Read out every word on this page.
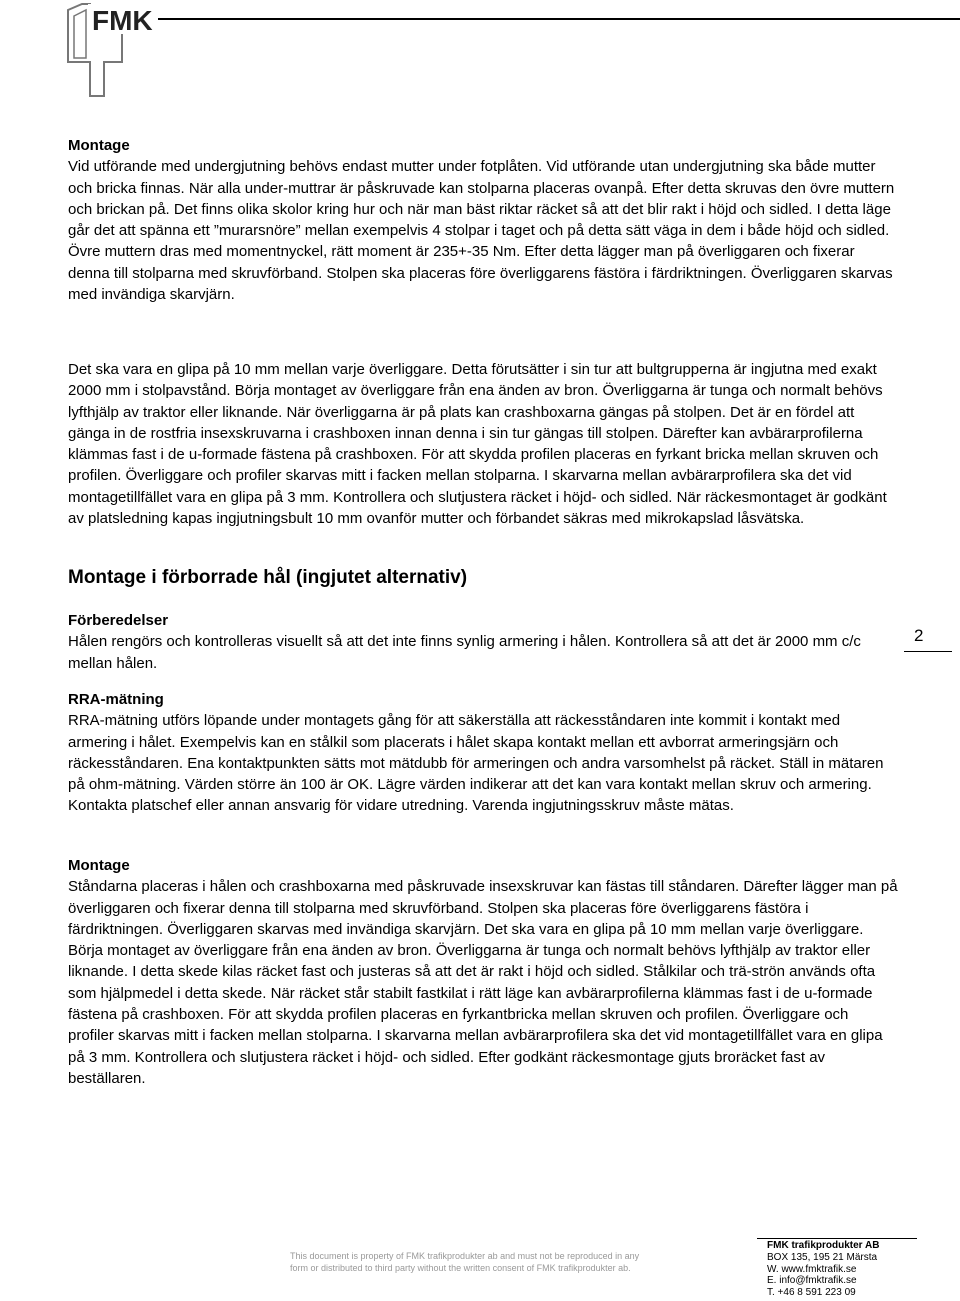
FMK
Montage
Vid utförande med undergjutning behövs endast mutter under fotplåten. Vid utförande utan undergjutning ska både mutter och bricka finnas. När alla under-muttrar är påskruvade kan stolparna placeras ovanpå. Efter detta skruvas den övre muttern och brickan på. Det finns olika skolor kring hur och när man bäst riktar räcket så att det blir rakt i höjd och sidled. I detta läge går det att spänna ett ”murarsnöre” mellan exempelvis 4 stolpar i taget och på detta sätt väga in dem i både höjd och sidled. Övre muttern dras med momentnyckel, rätt moment är 235+-35 Nm. Efter detta lägger man på överliggaren och fixerar denna till stolparna med skruvförband. Stolpen ska placeras före överliggarens fästöra i färdriktningen. Överliggaren skarvas med invändiga skarvjärn.
Det ska vara en glipa på 10 mm mellan varje överliggare. Detta förutsätter i sin tur att bultgrupperna är ingjutna med exakt 2000 mm i stolpavstånd. Börja montaget av överliggare från ena änden av bron. Överliggarna är tunga och normalt behövs lyfthjälp av traktor eller liknande. När överliggarna är på plats kan crashboxarna gängas på stolpen. Det är en fördel att gänga in de rostfria insexskruvarna i crashboxen innan denna i sin tur gängas till stolpen. Därefter kan avbärarprofilerna klämmas fast i de u-formade fästena på crashboxen. För att skydda profilen placeras en fyrkant bricka mellan skruven och profilen. Överliggare och profiler skarvas mitt i facken mellan stolparna. I skarvarna mellan avbärarprofilera ska det vid montagetillfället vara en glipa på 3 mm. Kontrollera och slutjustera räcket i höjd- och sidled. När räckesmontaget är godkänt av platsledning kapas ingjutningsbult 10 mm ovanför mutter och förbandet säkras med mikrokapslad låsvätska.
Montage i förborrade hål (ingjutet alternativ)
Förberedelser
Hålen rengörs och kontrolleras visuellt så att det inte finns synlig armering i hålen. Kontrollera så att det är 2000 mm c/c mellan hålen.
RRA-mätning
RRA-mätning utförs löpande under montagets gång för att säkerställa att räckesståndaren inte kommit i kontakt med armering i hålet. Exempelvis kan en stålkil som placerats i hålet skapa kontakt mellan ett avborrat armeringsjärn och räckesståndaren. Ena kontaktpunkten sätts mot mätdubb för armeringen och andra varsomhelst på räcket. Ställ in mätaren på ohm-mätning. Värden större än 100 är OK. Lägre värden indikerar att det kan vara kontakt mellan skruv och armering. Kontakta platschef eller annan ansvarig för vidare utredning. Varenda ingjutningsskruv måste mätas.
Montage
Ståndarna placeras i hålen och crashboxarna med påskruvade insexskruvar kan fästas till ståndaren. Därefter lägger man på överliggaren och fixerar denna till stolparna med skruvförband. Stolpen ska placeras före överliggarens fästöra i färdriktningen. Överliggaren skarvas med invändiga skarvjärn. Det ska vara en glipa på 10 mm mellan varje överliggare. Börja montaget av överliggare från ena änden av bron. Överliggarna är tunga och normalt behövs lyfthjälp av traktor eller liknande. I detta skede kilas räcket fast och justeras så att det är rakt i höjd och sidled. Stålkilar och trä-strön används ofta som hjälpmedel i detta skede. När räcket står stabilt fastkilat i rätt läge kan avbärarprofilerna klämmas fast i de u-formade fästena på crashboxen. För att skydda profilen placeras en fyrkantbricka mellan skruven och profilen. Överliggare och profiler skarvas mitt i facken mellan stolparna. I skarvarna mellan avbärarprofilera ska det vid montagetillfället vara en glipa på 3 mm. Kontrollera och slutjustera räcket i höjd- och sidled. Efter godkänt räckesmontage gjuts broräcket fast av beställaren.
2
This document is property of FMK trafikprodukter ab and must not be reproduced in any
form or distributed to third party without the written consent of FMK trafikprodukter ab.
FMK trafikprodukter AB
BOX 135, 195 21 Märsta
W. www.fmktrafik.se
E. info@fmktrafik.se
T. +46 8 591 223 09
